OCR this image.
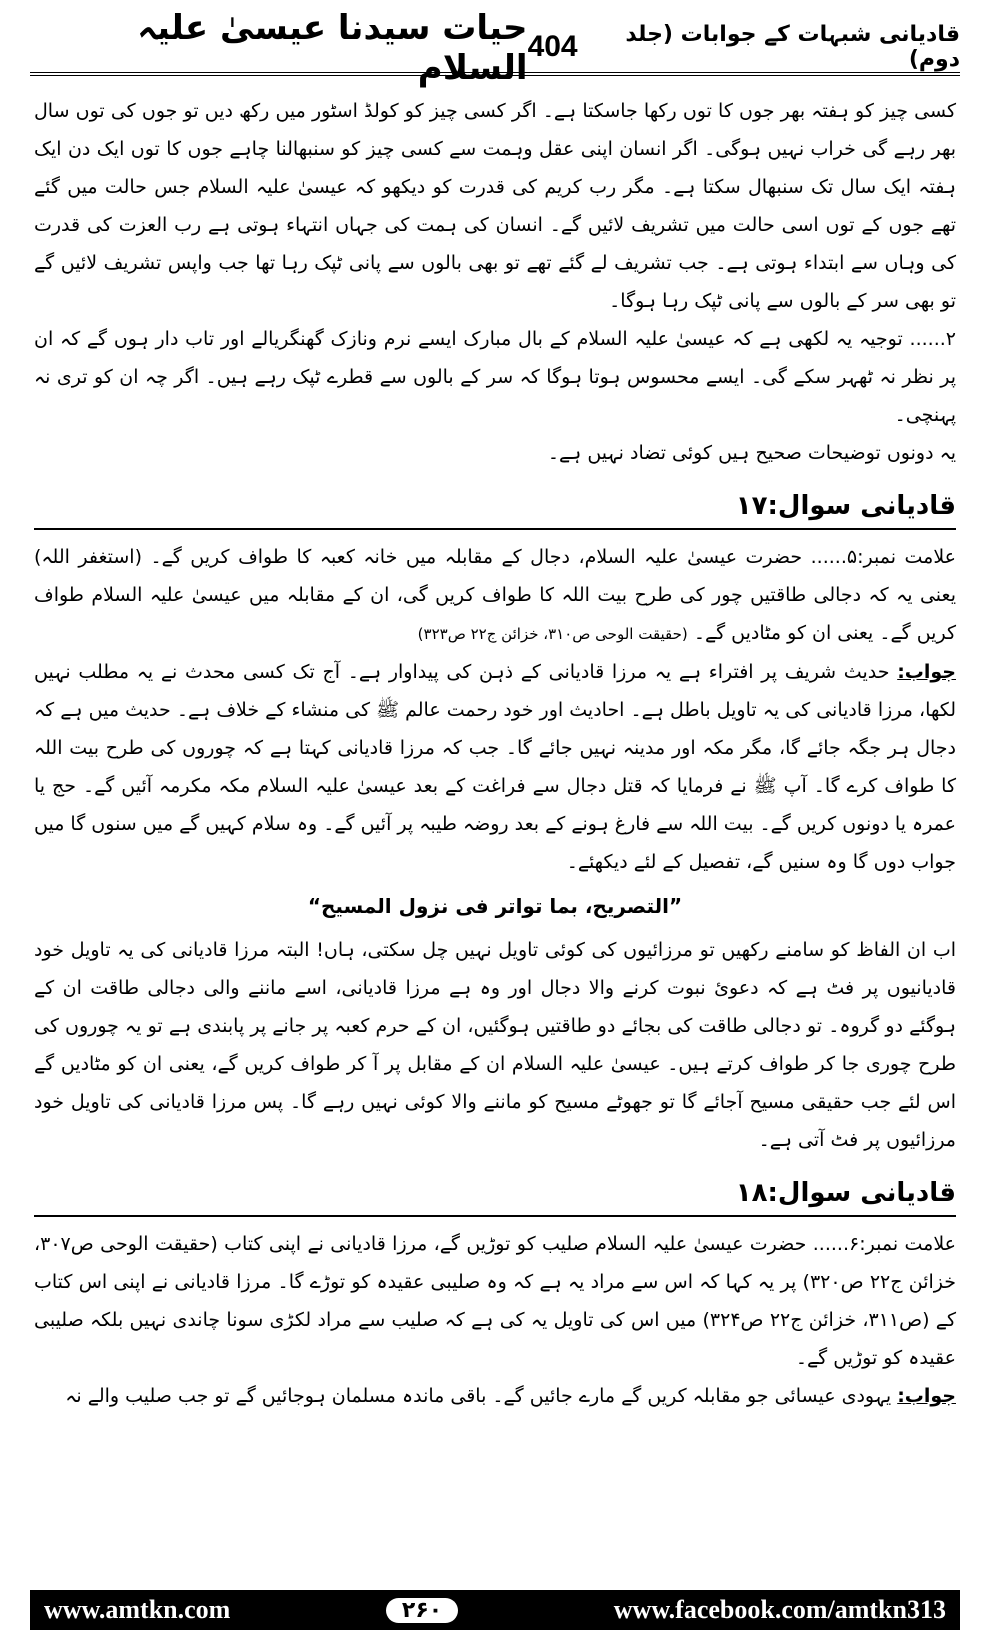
حیات سیدنا عیسیٰ علیہ السلام
404	قادیانی شبہات کے جوابات (جلد دوم)

کسی چیز کو ہفتہ بھر جوں کا توں رکھا جاسکتا ہے۔ اگر کسی چیز کو کولڈ اسٹور میں رکھ دیں تو جوں کی توں سال بھر رہے گی خراب نہیں ہوگی۔ اگر انسان اپنی عقل وہمت سے کسی چیز کو سنبھالنا چاہے جوں کا توں ایک دن ایک ہفتہ ایک سال تک سنبھال سکتا ہے۔ مگر رب کریم کی قدرت کو دیکھو کہ عیسیٰ علیہ السلام جس حالت میں گئے تھے جوں کے توں اسی حالت میں تشریف لائیں گے۔ انسان کی ہمت کی جہاں انتہاء ہوتی ہے رب العزت کی قدرت کی وہاں سے ابتداء ہوتی ہے۔ جب تشریف لے گئے تھے تو بھی بالوں سے پانی ٹپک رہا تھا جب واپس تشریف لائیں گے تو بھی سر کے بالوں سے پانی ٹپک رہا ہوگا۔

۲...... توجیہ یہ لکھی ہے کہ عیسیٰ علیہ السلام کے بال مبارک ایسے نرم ونازک گھنگریالے اور تاب دار ہوں گے کہ ان پر نظر نہ ٹھہر سکے گی۔ ایسے محسوس ہوتا ہوگا کہ سر کے بالوں سے قطرے ٹپک رہے ہیں۔ اگر چہ ان کو تری نہ پہنچی۔

یہ دونوں توضیحات صحیح ہیں کوئی تضاد نہیں ہے۔

قادیانی سوال:۱۷

علامت نمبر:۵...... حضرت عیسیٰ علیہ السلام، دجال کے مقابلہ میں خانہ کعبہ کا طواف کریں گے۔ (استغفر اللہ) یعنی یہ کہ دجالی طاقتیں چور کی طرح بیت اللہ کا طواف کریں گی، ان کے مقابلہ میں عیسیٰ علیہ السلام طواف کریں گے۔ یعنی ان کو مٹادیں گے۔ (حقیقت الوحی ص۳۱۰، خزائن ج۲۲ ص۳۲۳)

جواب: حدیث شریف پر افتراء ہے یہ مرزا قادیانی کے ذہن کی پیداوار ہے۔ آج تک کسی محدث نے یہ مطلب نہیں لکھا، مرزا قادیانی کی یہ تاویل باطل ہے۔ احادیث اور خود رحمت عالم ﷺ کی منشاء کے خلاف ہے۔ حدیث میں ہے کہ دجال ہر جگہ جائے گا، مگر مکہ اور مدینہ نہیں جائے گا۔ جب کہ مرزا قادیانی کہتا ہے کہ چوروں کی طرح بیت اللہ کا طواف کرے گا۔ آپ ﷺ نے فرمایا کہ قتل دجال سے فراغت کے بعد عیسیٰ علیہ السلام مکہ مکرمہ آئیں گے۔ حج یا عمرہ یا دونوں کریں گے۔ بیت اللہ سے فارغ ہونے کے بعد روضہ طیبہ پر آئیں گے۔ وہ سلام کہیں گے میں سنوں گا میں جواب دوں گا وہ سنیں گے، تفصیل کے لئے دیکھئے۔

”التصریح، بما تواتر فی نزول المسیح“

اب ان الفاظ کو سامنے رکھیں تو مرزائیوں کی کوئی تاویل نہیں چل سکتی، ہاں! البتہ مرزا قادیانی کی یہ تاویل خود قادیانیوں پر فٹ ہے کہ دعوئ نبوت کرنے والا دجال اور وہ ہے مرزا قادیانی، اسے ماننے والی دجالی طاقت ان کے ہوگئے دو گروہ۔ تو دجالی طاقت کی بجائے دو طاقتیں ہوگئیں، ان کے حرم کعبہ پر جانے پر پابندی ہے تو یہ چوروں کی طرح چوری جا کر طواف کرتے ہیں۔ عیسیٰ علیہ السلام ان کے مقابل پر آ کر طواف کریں گے، یعنی ان کو مٹادیں گے اس لئے جب حقیقی مسیح آجائے گا تو جھوٹے مسیح کو ماننے والا کوئی نہیں رہے گا۔ پس مرزا قادیانی کی تاویل خود مرزائیوں پر فٹ آتی ہے۔

قادیانی سوال:۱۸

علامت نمبر:۶...... حضرت عیسیٰ علیہ السلام صلیب کو توڑیں گے، مرزا قادیانی نے اپنی کتاب (حقیقت الوحی ص۳۰۷، خزائن ج۲۲ ص۳۲۰) پر یہ کہا کہ اس سے مراد یہ ہے کہ وہ صلیبی عقیدہ کو توڑے گا۔ مرزا قادیانی نے اپنی اس کتاب کے (ص۳۱۱، خزائن ج۲۲ ص۳۲۴) میں اس کی تاویل یہ کی ہے کہ صلیب سے مراد لکڑی سونا چاندی نہیں بلکہ صلیبی عقیدہ کو توڑیں گے۔

جواب: یہودی عیسائی جو مقابلہ کریں گے مارے جائیں گے۔ باقی ماندہ مسلمان ہوجائیں گے تو جب صلیب والے نہ

www.amtkn.com	۲۶۰	www.facebook.com/amtkn313
